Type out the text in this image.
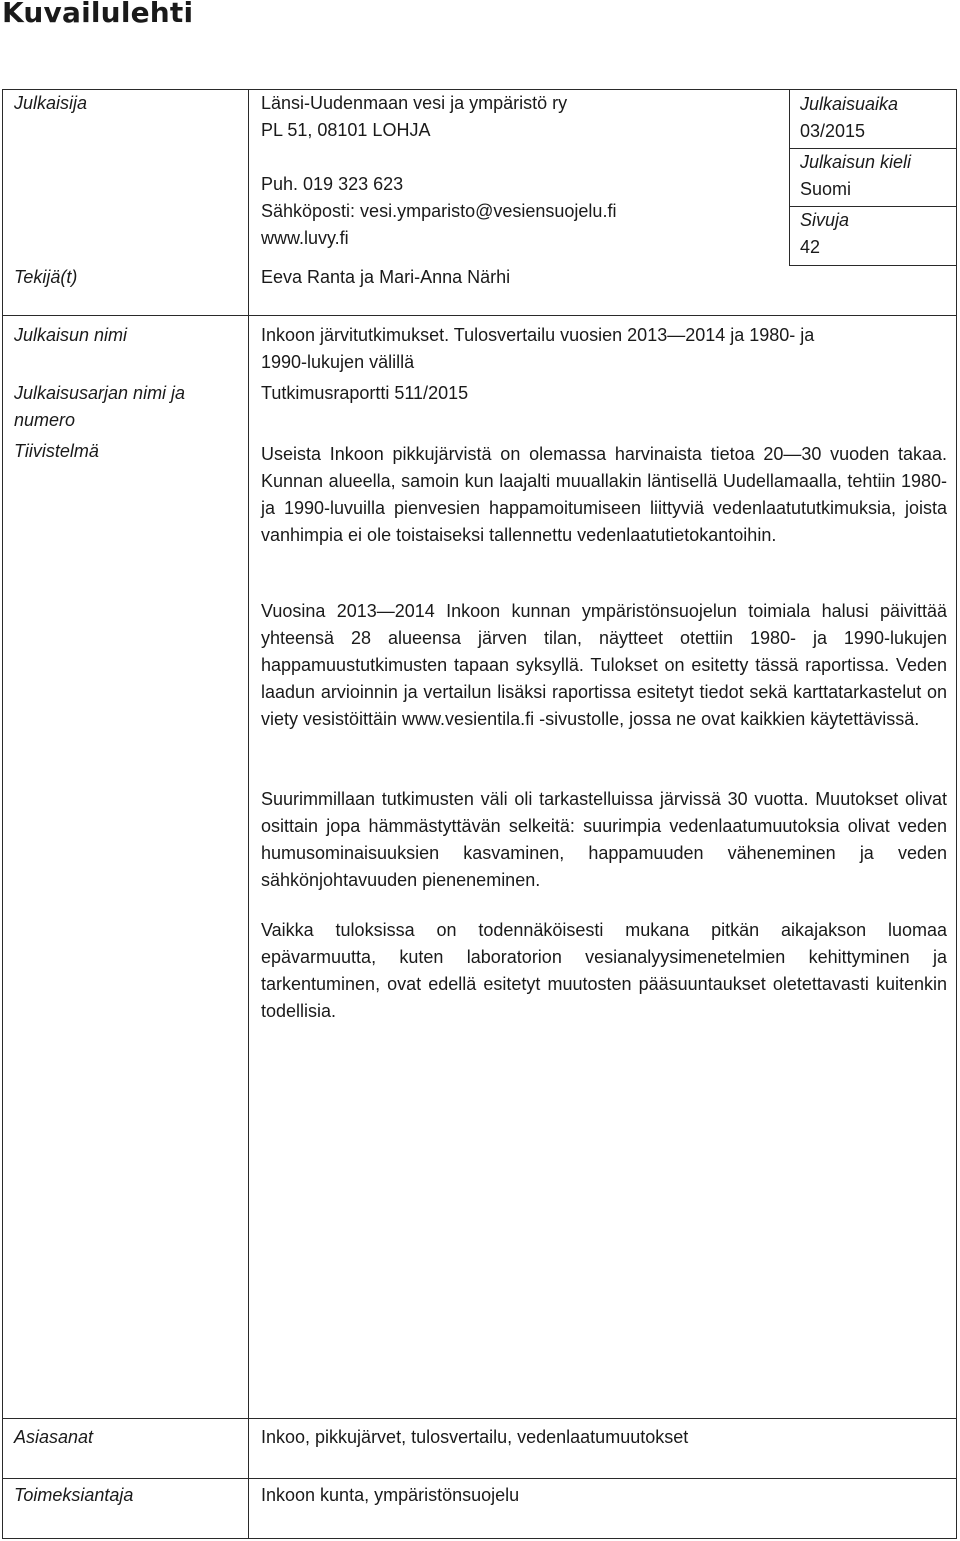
Kuvailulehti
Julkaisuaika
03/2015
Julkaisun kieli
Suomi
Sivuja
42
Julkaisija
Tekijä(t)
Julkaisun nimi
Julkaisusarjan nimi ja
numero
Tiivistelmä
Asiasanat
Toimeksiantaja
Länsi-Uudenmaan vesi ja ympäristö ry
PL 51, 08101 LOHJA
Puh. 019 323 623
Sähköposti: vesi.ymparisto@vesiensuojelu.fi
www.luvy.fi
Eeva Ranta ja Mari-Anna Närhi
Inkoon järvitutkimukset. Tulosvertailu vuosien 2013—2014 ja 1980- ja
1990-lukujen välillä
Tutkimusraportti 511/2015
Useista Inkoon pikkujärvistä on olemassa harvinaista tietoa 20—30 vuoden takaa. Kunnan alueella, samoin kun laajalti muuallakin läntisellä Uudellamaalla, tehtiin 1980- ja 1990-luvuilla pienvesien happamoitumiseen liittyviä vedenlaatututkimuksia, joista vanhimpia ei ole toistaiseksi tallennettu vedenlaatutietokantoihin.
Vuosina 2013—2014 Inkoon kunnan ympäristönsuojelun toimiala halusi päivittää yhteensä 28 alueensa järven tilan, näytteet otettiin 1980- ja 1990-lukujen happamuustutkimusten tapaan syksyllä. Tulokset on esitetty tässä raportissa. Veden laadun arvioinnin ja vertailun lisäksi raportissa esitetyt tiedot sekä karttatarkastelut on viety vesistöittäin www.vesientila.fi -sivustolle, jossa ne ovat kaikkien käytettävissä.
Suurimmillaan tutkimusten väli oli tarkastelluissa järvissä 30 vuotta. Muutokset olivat osittain jopa hämmästyttävän selkeitä: suurimpia vedenlaatumuutoksia olivat veden humusominaisuuksien kasvaminen, happamuuden väheneminen ja veden sähkönjohtavuuden pieneneminen.
Vaikka tuloksissa on todennäköisesti mukana pitkän aikajakson luomaa epävarmuutta, kuten laboratorion vesianalyysimenetelmien kehittyminen ja tarkentuminen, ovat edellä esitetyt muutosten pääsuuntaukset oletettavasti kuitenkin todellisia.
Inkoo, pikkujärvet, tulosvertailu, vedenlaatumuutokset
Inkoon kunta, ympäristönsuojelu
